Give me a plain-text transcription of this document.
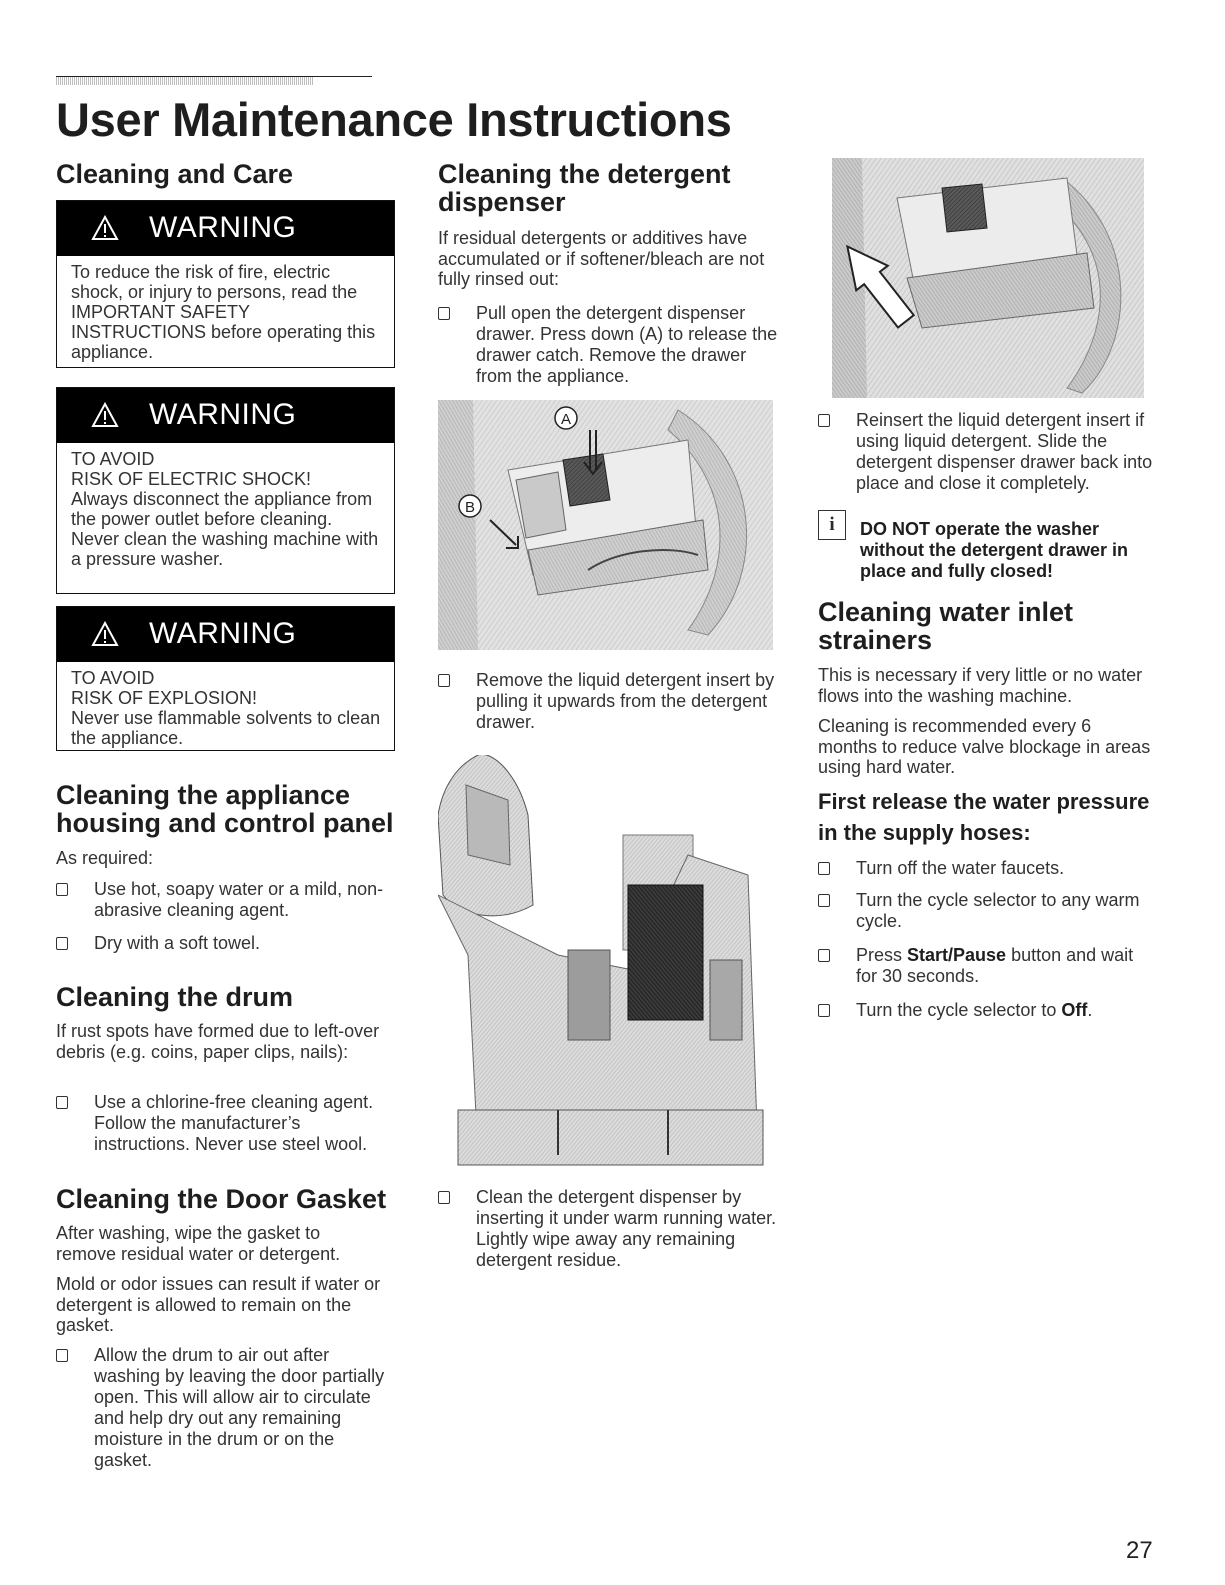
User Maintenance Instructions
Cleaning and Care
WARNING
To reduce the risk of fire, electric shock, or injury to persons, read the IMPORTANT SAFETY INSTRUCTIONS before operating this appliance.
WARNING
TO AVOID
RISK OF ELECTRIC SHOCK!
Always disconnect the appliance from the power outlet before cleaning.
Never clean the washing machine with a pressure washer.
WARNING
TO AVOID
RISK OF EXPLOSION!
Never use flammable solvents to clean the appliance.
Cleaning the appliance housing and control panel

As required:

Use hot, soapy water or a mild, non-abrasive cleaning agent.
Dry with a soft towel.
Cleaning the drum

If rust spots have formed due to left-over debris (e.g. coins, paper clips, nails):

Use a chlorine-free cleaning agent. Follow the manufacturer’s instructions. Never use steel wool.
Cleaning the Door Gasket

After washing, wipe the gasket to remove residual water or detergent.

Mold or odor issues can result if water or detergent is allowed to remain on the gasket.

Allow the drum to air out after washing by leaving the door partially open. This will allow air to circulate and help dry out any remaining moisture in the drum or on the gasket.
Cleaning the detergent dispenser

If residual detergents or additives have accumulated or if softener/bleach are not fully rinsed out:

Pull open the detergent dispenser drawer. Press down (A) to release the drawer catch. Remove the drawer from the appliance.
A
B
Remove the liquid detergent insert by pulling it upwards from the detergent drawer.
Clean the detergent dispenser by inserting it under warm running water. Lightly wipe away any remaining detergent residue.
Reinsert the liquid detergent insert if using liquid detergent. Slide the detergent dispenser drawer back into place and close it completely.
i	DO NOT operate the washer without the detergent drawer in place and fully closed!
Cleaning water inlet strainers

This is necessary if very little or no water flows into the washing machine.

Cleaning is recommended every 6 months to reduce valve blockage in areas using hard water.

First release the water pressure in the supply hoses:
Turn off the water faucets.
Turn the cycle selector to any warm cycle.
Press Start/Pause button and wait for 30 seconds.
Turn the cycle selector to Off.
27
